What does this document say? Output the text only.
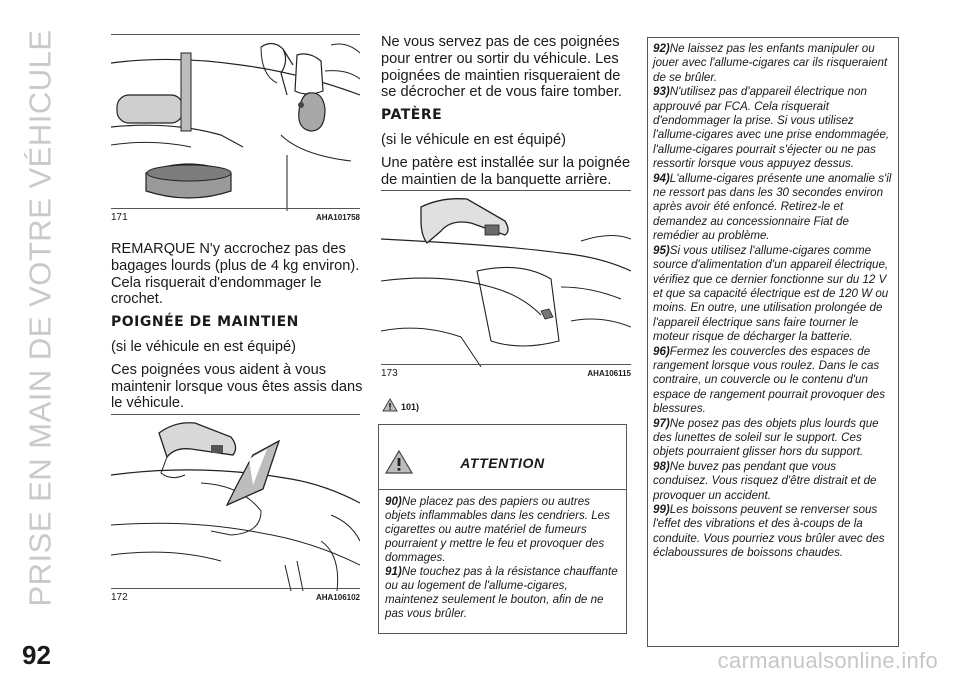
PRISE EN MAIN DE VOTRE VÉHICULE
92	carmanualsonline.info
171	AHA101758

REMARQUE N'y accrochez pas des bagages lourds (plus de 4 kg environ). Cela risquerait d'endommager le crochet.

POIGNÉE DE MAINTIEN

(si le véhicule en est équipé)

Ces poignées vous aident à vous maintenir lorsque vous êtes assis dans le véhicule.

172	AHA106102

Ne vous servez pas de ces poignées pour entrer ou sortir du véhicule. Les poignées de maintien risqueraient de se décrocher et de vous faire tomber.

PATÈRE

(si le véhicule en est équipé)

Une patère est installée sur la poignée de maintien de la banquette arrière.

173	AHA106115
101)
ATTENTION

90)Ne placez pas des papiers ou autres objets inflammables dans les cendriers. Les cigarettes ou autre matériel de fumeurs pourraient y mettre le feu et provoquer des dommages.

91)Ne touchez pas à la résistance chauffante ou au logement de l'allume-cigares, maintenez seulement le bouton, afin de ne pas vous brûler.

92)Ne laissez pas les enfants manipuler ou jouer avec l'allume-cigares car ils risqueraient de se brûler.

93)N'utilisez pas d'appareil électrique non approuvé par FCA. Cela risquerait d'endommager la prise. Si vous utilisez l'allume-cigares avec une prise endommagée, l'allume-cigares pourrait s'éjecter ou ne pas ressortir lorsque vous appuyez dessus.

94)L'allume-cigares présente une anomalie s'il ne ressort pas dans les 30 secondes environ après avoir été enfoncé. Retirez-le et demandez au concessionnaire Fiat de remédier au problème.

95)Si vous utilisez l'allume-cigares comme source d'alimentation d'un appareil électrique, vérifiez que ce dernier fonctionne sur du 12 V et que sa capacité électrique est de 120 W ou moins. En outre, une utilisation prolongée de l'appareil électrique sans faire tourner le moteur risque de décharger la batterie.

96)Fermez les couvercles des espaces de rangement lorsque vous roulez. Dans le cas contraire, un couvercle ou le contenu d'un espace de rangement pourrait provoquer des blessures.

97)Ne posez pas des objets plus lourds que des lunettes de soleil sur le support. Ces objets pourraient glisser hors du support.

98)Ne buvez pas pendant que vous conduisez. Vous risquez d'être distrait et de provoquer un accident.

99)Les boissons peuvent se renverser sous l'effet des vibrations et des à-coups de la conduite. Vous pourriez vous brûler avec des éclaboussures de boissons chaudes.
